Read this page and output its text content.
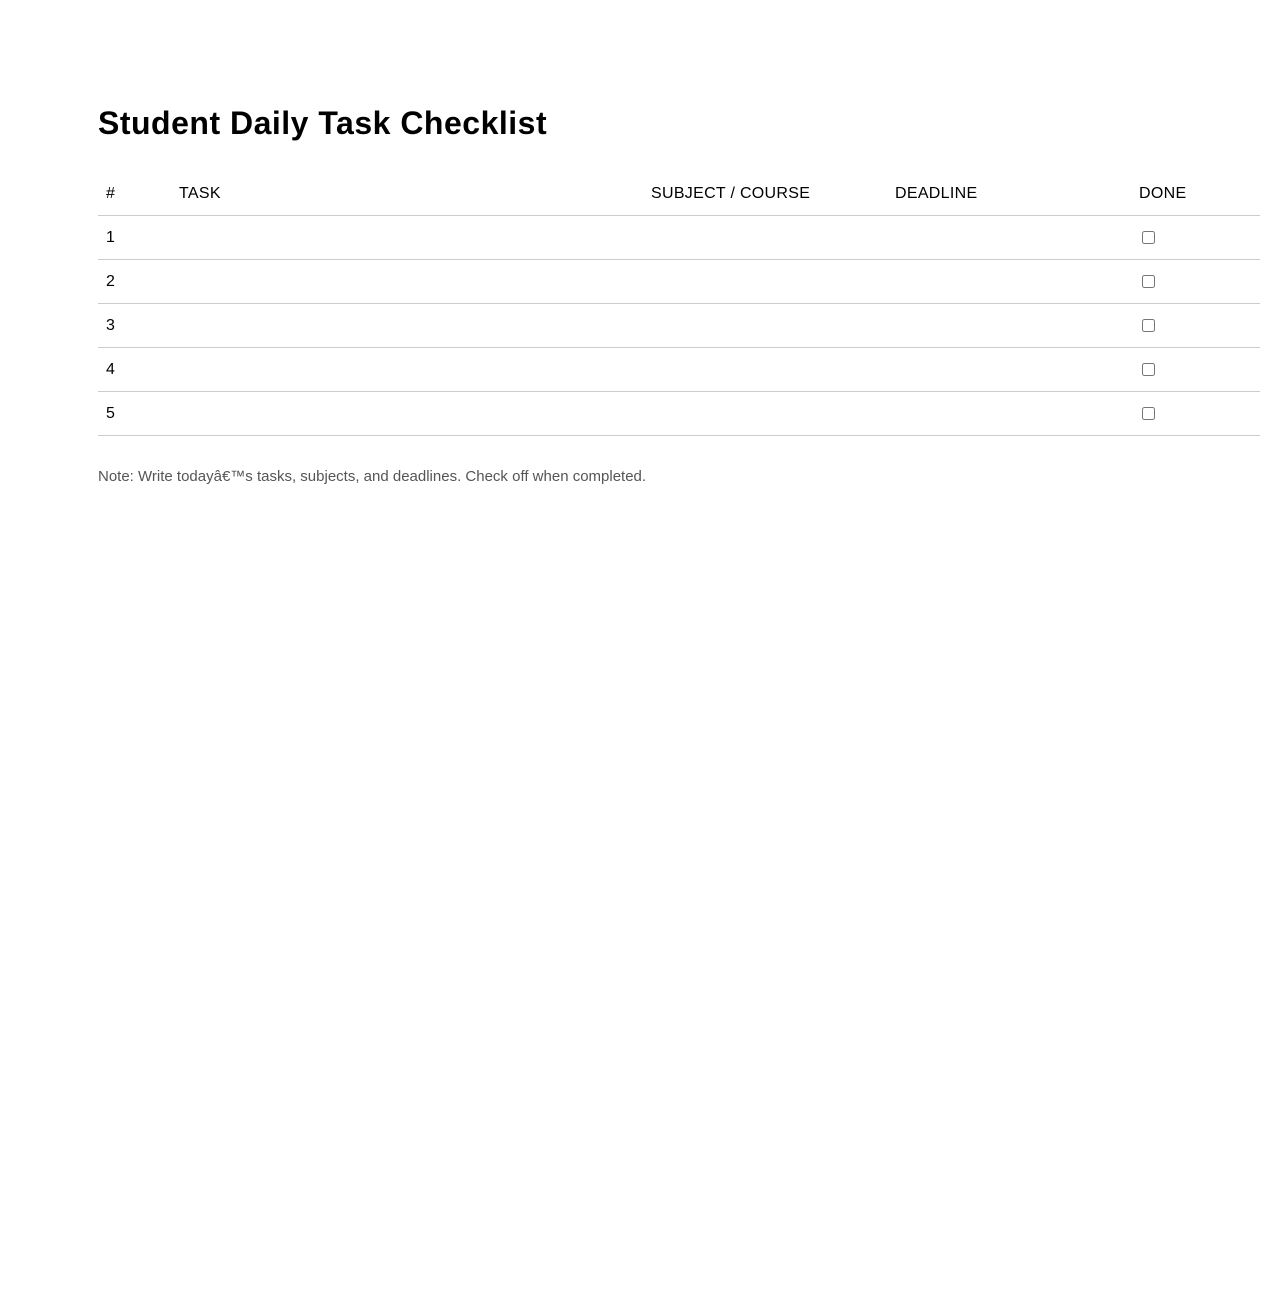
Student Daily Task Checklist
#	TASK	SUBJECT / COURSE	DEADLINE	DONE
1				
2				
3				
4				
5				

Note: Write todayâ€™s tasks, subjects, and deadlines. Check off when completed.
